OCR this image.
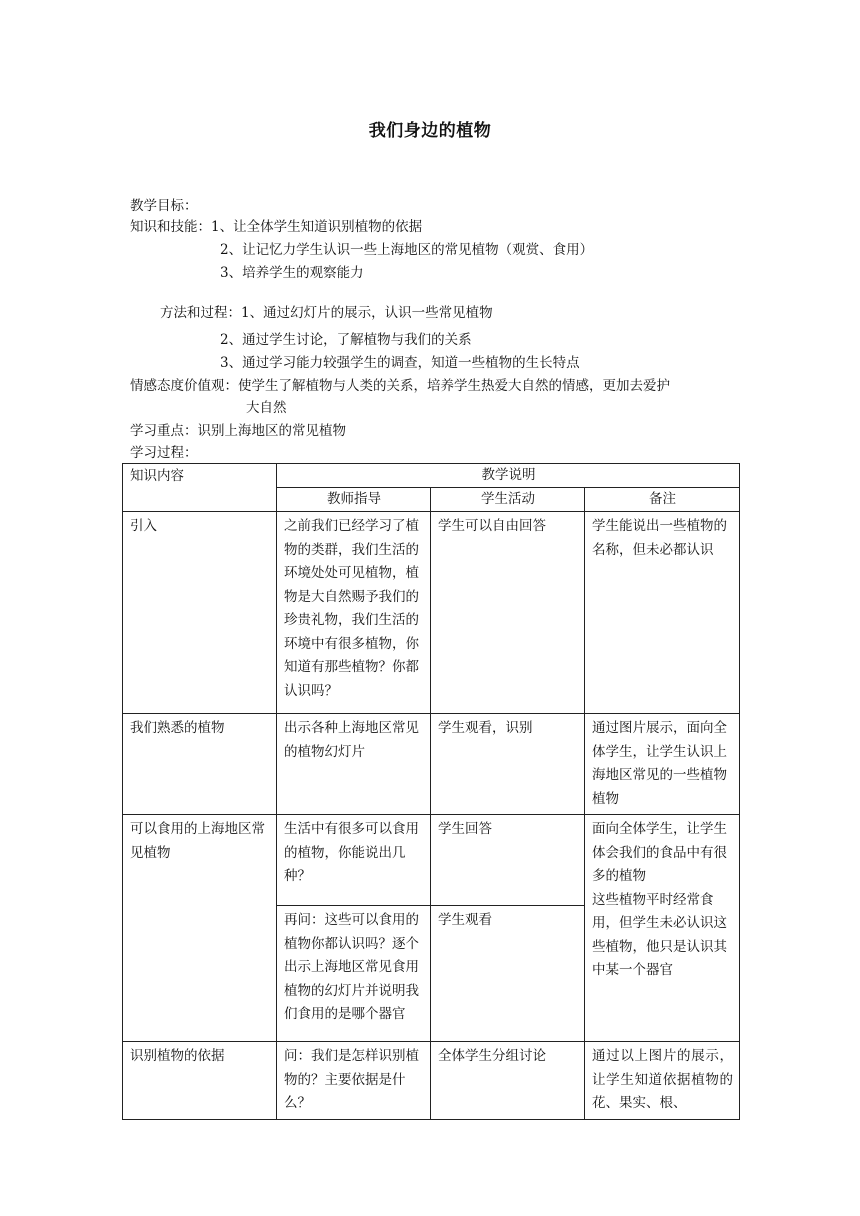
我们身边的植物
教学目标：
知识和技能：1、让全体学生知道识别植物的依据
2、让记忆力学生认识一些上海地区的常见植物（观赏、食用）
3、培养学生的观察能力
方法和过程：1、通过幻灯片的展示，认识一些常见植物
2、通过学生讨论，了解植物与我们的关系
3、通过学习能力较强学生的调查，知道一些植物的生长特点
情感态度价值观：使学生了解植物与人类的关系，培养学生热爱大自然的情感，更加去爱护
大自然
学习重点：识别上海地区的常见植物
学习过程：
知识内容	教学说明		
	教师指导	学生活动	备注
引入	之前我们已经学习了植物的类群，我们生活的环境处处可见植物，植物是大自然赐予我们的珍贵礼物，我们生活的环境中有很多植物，你知道有那些植物？你都认识吗？	学生可以自由回答	学生能说出一些植物的名称，但未必都认识
我们熟悉的植物	出示各种上海地区常见的植物幻灯片	学生观看，识别	通过图片展示，面向全体学生，让学生认识上海地区常见的一些植物植物
可以食用的上海地区常见植物	生活中有很多可以食用的植物，你能说出几种？	学生回答	面向全体学生，让学生体会我们的食品中有很多的植物
这些植物平时经常食用，但学生未必认识这些植物，他只是认识其中某一个器官

	再问：这些可以食用的植物你都认识吗？逐个出示上海地区常见食用植物的幻灯片并说明我们食用的是哪个器官	学生观看	
识别植物的依据	问：我们是怎样识别植物的？主要依据是什么？	全体学生分组讨论	通过以上图片的展示，让学生知道依据植物的花、果实、根、
